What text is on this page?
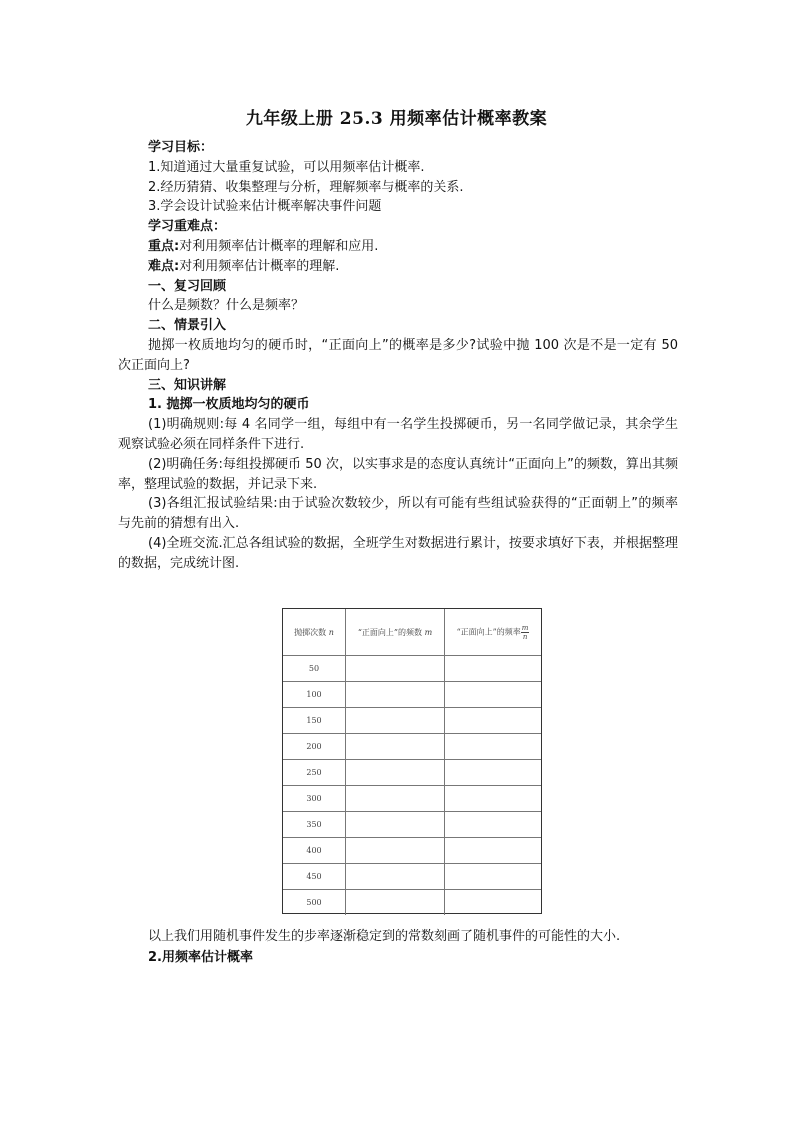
九年级上册 25.3 用频率估计概率教案

学习目标：

1.知道通过大量重复试验，可以用频率估计概率.

2.经历猜猜、收集整理与分析，理解频率与概率的关系.

3.学会设计试验来估计概率解决事件问题

学习重难点：

重点:对利用频率估计概率的理解和应用.

难点:对利用频率估计概率的理解.

一、复习回顾

什么是频数？什么是频率？

二、情景引入

抛掷一枚质地均匀的硬币时，“正面向上”的概率是多少?试验中抛 100 次是不是一定有 50 次正面向上?

三、知识讲解

1. 抛掷一枚质地均匀的硬币

(1)明确规则:每 4 名同学一组，每组中有一名学生投掷硬币，另一名同学做记录，其余学生观察试验必须在同样条件下进行.

(2)明确任务:每组投掷硬币 50 次，以实事求是的态度认真统计“正面向上”的频数，算出其频率，整理试验的数据，并记录下来.

(3)各组汇报试验结果:由于试验次数较少，所以有可能有些组试验获得的“正面朝上”的频率与先前的猜想有出入.

(4)全班交流.汇总各组试验的数据，全班学生对数据进行累计，按要求填好下表，并根据整理的数据，完成统计图.

抛掷次数 n	“正面向上”的频数 m	“正面向上”的频率 $\frac{m}{n}$

50		
100		
150		
200		
250		
300		
350		
400		
450		
500		
以上我们用随机事件发生的步率逐渐稳定到的常数刻画了随机事件的可能性的大小.
2.用频率估计概率
